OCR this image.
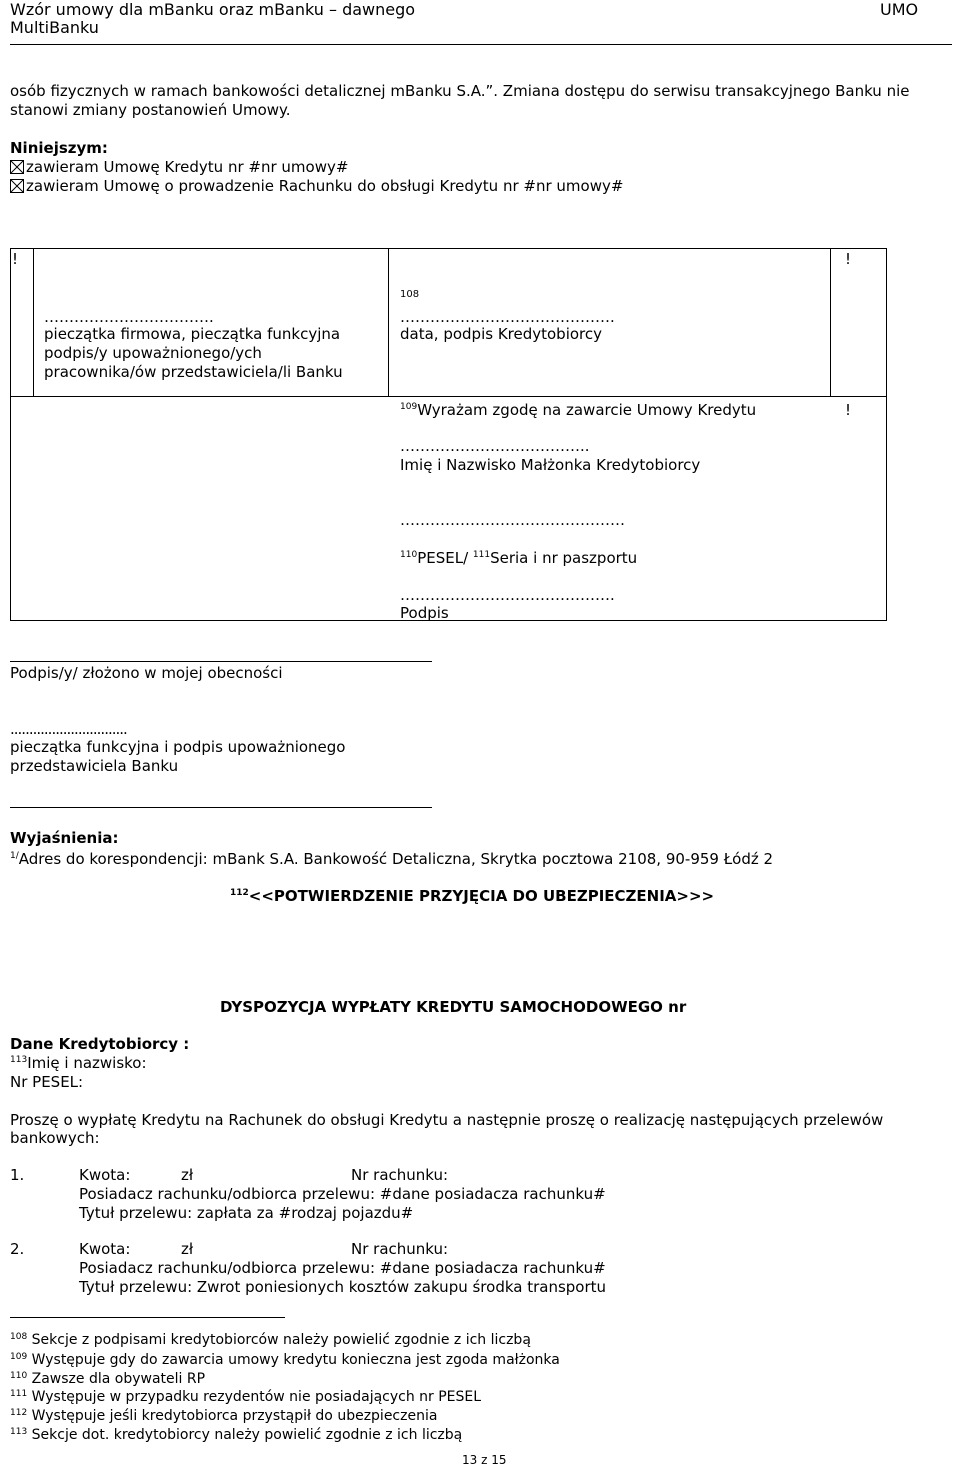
Wzór umowy dla mBanku oraz mBanku – dawnego
MultiBanku
UMO
osób fizycznych w ramach bankowości detalicznej mBanku S.A.”. Zmiana dostępu do serwisu transakcyjnego Banku nie
stanowi zmiany postanowień Umowy.
Niniejszym:
zawieram Umowę Kredytu nr #nr umowy#
zawieram Umowę o prowadzenie Rachunku do obsługi Kredytu nr #nr umowy#
!	!
…………………………….
pieczątka firmowa, pieczątka funkcyjna
podpis/y upoważnionego/ych
pracownika/ów przedstawiciela/li Banku
108
…………………………………….
data, podpis Kredytobiorcy
$^{109}$Wyrażam zgodę na zawarcie Umowy Kredytu	!
………………………………..
Imię i Nazwisko Małżonka Kredytobiorcy
………………………………………
$^{110}$PESEL/ $^{111}$Seria i nr paszportu
…………………………………….
Podpis
Podpis/y/ złożono w mojej obecności
...............................
pieczątka funkcyjna i podpis upoważnionego
przedstawiciela Banku
Wyjaśnienia:
$^{1/}$Adres do korespondencji: mBank S.A. Bankowość Detaliczna, Skrytka pocztowa 2108, 90-959 Łódź 2
$^{112}$<<POTWIERDZENIE PRZYJĘCIA DO UBEZPIECZENIA>>>
DYSPOZYCJA WYPŁATY KREDYTU SAMOCHODOWEGO nr
Dane Kredytobiorcy :
$^{113}$Imię i nazwisko:
Nr PESEL:
Proszę o wypłatę Kredytu na Rachunek do obsługi Kredytu a następnie proszę o realizację następujących przelewów
bankowych:
1.	Kwota:	zł	Nr rachunku:
Posiadacz rachunku/odbiorca przelewu: #dane posiadacza rachunku#
Tytuł przelewu: zapłata za #rodzaj pojazdu#
2.	Kwota:	zł	Nr rachunku:
Posiadacz rachunku/odbiorca przelewu: #dane posiadacza rachunku#
Tytuł przelewu: Zwrot poniesionych kosztów zakupu środka transportu
$^{108}$ Sekcje z podpisami kredytobiorców należy powielić zgodnie z ich liczbą
$^{109}$ Występuje gdy do zawarcia umowy kredytu konieczna jest zgoda małżonka
$^{110}$ Zawsze dla obywateli RP
$^{111}$ Występuje w przypadku rezydentów nie posiadających nr PESEL
$^{112}$ Występuje jeśli kredytobiorca przystąpił do ubezpieczenia
$^{113}$ Sekcje dot. kredytobiorcy należy powielić zgodnie z ich liczbą
13 z 15
